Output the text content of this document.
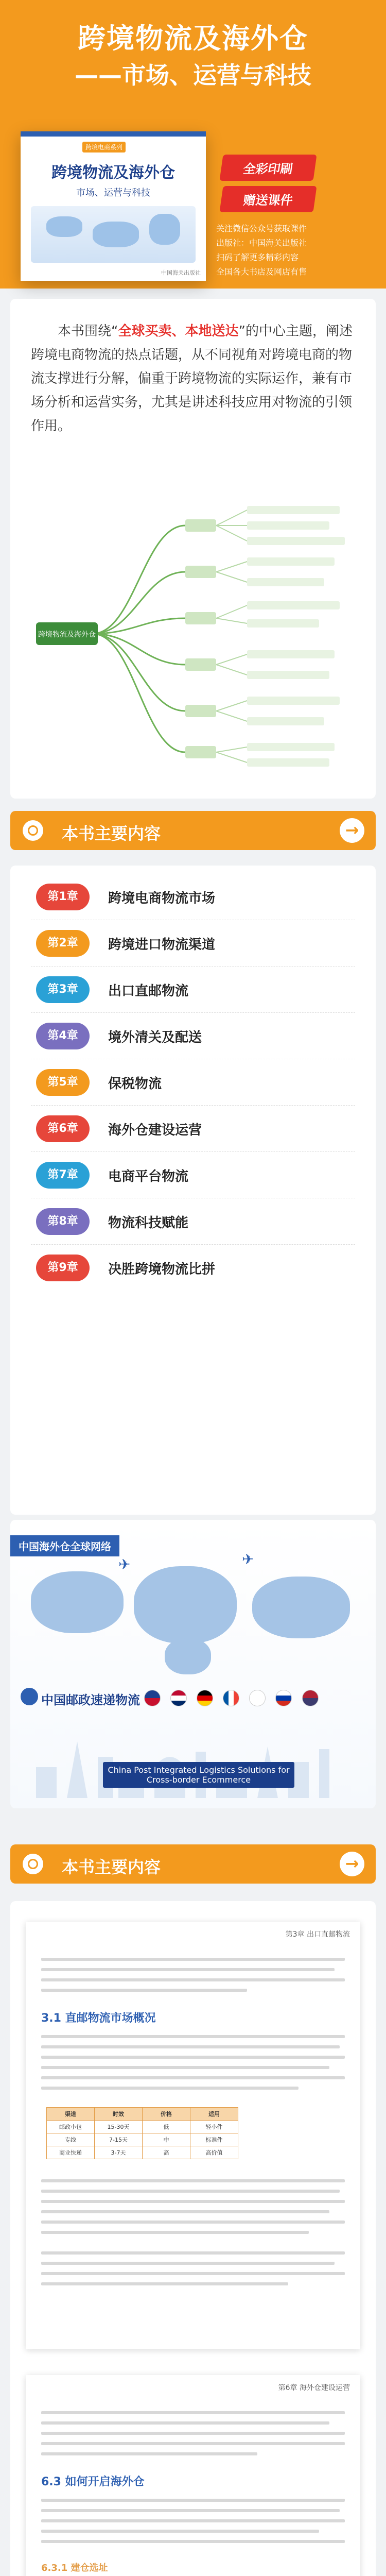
跨境物流及海外仓
——市场、运营与科技
跨境电商系列
跨境物流及海外仓
市场、运营与科技
中国海关出版社
全彩印刷
赠送课件
关注微信公众号获取课件
出版社：中国海关出版社
扫码了解更多精彩内容
全国各大书店及网店有售
本书围绕“全球买卖、本地送达”的中心主题，阐述跨境电商物流的热点话题，从不同视角对跨境电商的物流支撑进行分解，偏重于跨境物流的实际运作，兼有市场分析和运营实务，尤其是讲述科技应用对物流的引领作用。
跨境物流及海外仓
本书主要内容	→
第1章	跨境电商物流市场
第2章	跨境进口物流渠道
第3章	出口直邮物流
第4章	境外清关及配送
第5章	保税物流
第6章	海外仓建设运营
第7章	电商平台物流
第8章	物流科技赋能
第9章	决胜跨境物流比拼
中国海外仓全球网络
✈	✈
中国邮政速递物流

China Post Integrated Logistics Solutions for Cross-border Ecommerce
本书主要内容	→
第3章 出口直邮物流
3.1 直邮物流市场概况
渠道	时效	价格	适用
邮政小包	15-30天	低	轻小件
专线	7-15天	中	标准件
商业快递	3-7天	高	高价值
第6章 海外仓建设运营
6.3 如何开启海外仓
6.3.1 建仓选址
